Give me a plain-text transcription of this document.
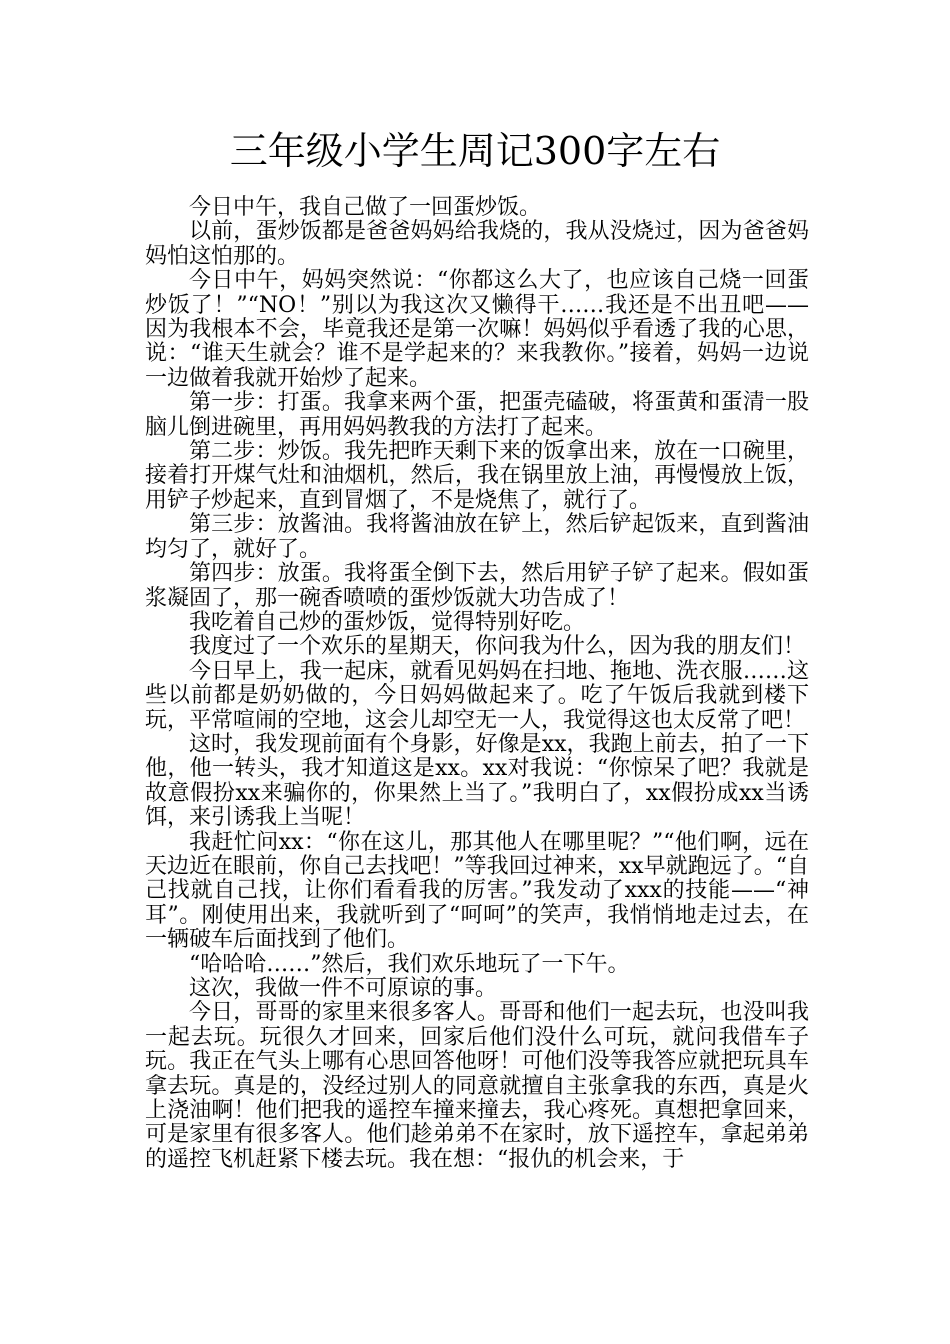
三年级小学生周记300字左右

今日中午，我自己做了一回蛋炒饭。

以前，蛋炒饭都是爸爸妈妈给我烧的，我从没烧过，因为爸爸妈妈怕这怕那的。

今日中午，妈妈突然说：“你都这么大了，也应该自己烧一回蛋炒饭了！”“NO！”别以为我这次又懒得干……我还是不出丑吧——因为我根本不会，毕竟我还是第一次嘛！妈妈似乎看透了我的心思，说：“谁天生就会？谁不是学起来的？来我教你。”接着，妈妈一边说一边做着我就开始炒了起来。

第一步：打蛋。我拿来两个蛋，把蛋壳磕破，将蛋黄和蛋清一股脑儿倒进碗里，再用妈妈教我的方法打了起来。

第二步：炒饭。我先把昨天剩下来的饭拿出来，放在一口碗里，接着打开煤气灶和油烟机，然后，我在锅里放上油，再慢慢放上饭，用铲子炒起来，直到冒烟了，不是烧焦了，就行了。

第三步：放酱油。我将酱油放在铲上，然后铲起饭来，直到酱油均匀了，就好了。

第四步：放蛋。我将蛋全倒下去，然后用铲子铲了起来。假如蛋浆凝固了，那一碗香喷喷的蛋炒饭就大功告成了！

我吃着自己炒的蛋炒饭，觉得特别好吃。

我度过了一个欢乐的星期天，你问我为什么，因为我的朋友们！

今日早上，我一起床，就看见妈妈在扫地、拖地、洗衣服……这些以前都是奶奶做的，今日妈妈做起来了。吃了午饭后我就到楼下玩，平常喧闹的空地，这会儿却空无一人，我觉得这也太反常了吧！

这时，我发现前面有个身影，好像是xx，我跑上前去，拍了一下他，他一转头，我才知道这是xx。xx对我说：“你惊呆了吧？我就是故意假扮xx来骗你的，你果然上当了。”我明白了，xx假扮成xx当诱饵，来引诱我上当呢！

我赶忙问xx：“你在这儿，那其他人在哪里呢？”“他们啊，远在天边近在眼前，你自己去找吧！”等我回过神来，xx早就跑远了。“自己找就自己找，让你们看看我的厉害。”我发动了xxx的技能——“神耳”。刚使用出来，我就听到了“呵呵”的笑声，我悄悄地走过去，在一辆破车后面找到了他们。

“哈哈哈……”然后，我们欢乐地玩了一下午。

这次，我做一件不可原谅的事。

今日，哥哥的家里来很多客人。哥哥和他们一起去玩，也没叫我一起去玩。玩很久才回来，回家后他们没什么可玩，就问我借车子玩。我正在气头上哪有心思回答他呀！可他们没等我答应就把玩具车拿去玩。真是的，没经过别人的同意就擅自主张拿我的东西，真是火上浇油啊！他们把我的遥控车撞来撞去，我心疼死。真想把拿回来，可是家里有很多客人。他们趁弟弟不在家时，放下遥控车，拿起弟弟的遥控飞机赶紧下楼去玩。我在想：“报仇的机会来，于
